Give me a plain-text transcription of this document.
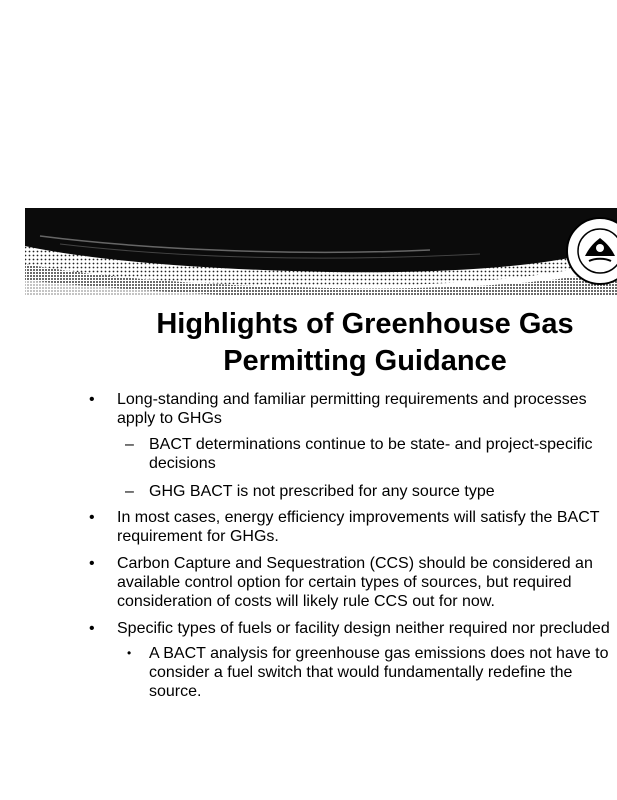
Highlights of Greenhouse Gas
Permitting Guidance
• Long-standing and familiar permitting requirements and processes
apply to GHGs
– BACT determinations continue to be state- and project-specific
decisions
– GHG BACT is not prescribed for any source type
• In most cases, energy efficiency improvements will satisfy the BACT
requirement for GHGs.
• Carbon Capture and Sequestration (CCS) should be considered an
available control option for certain types of sources, but required
consideration of costs will likely rule CCS out for now.
• Specific types of fuels or facility design neither required nor precluded
• A BACT analysis for greenhouse gas emissions does not have to
consider a fuel switch that would fundamentally redefine the
source.
